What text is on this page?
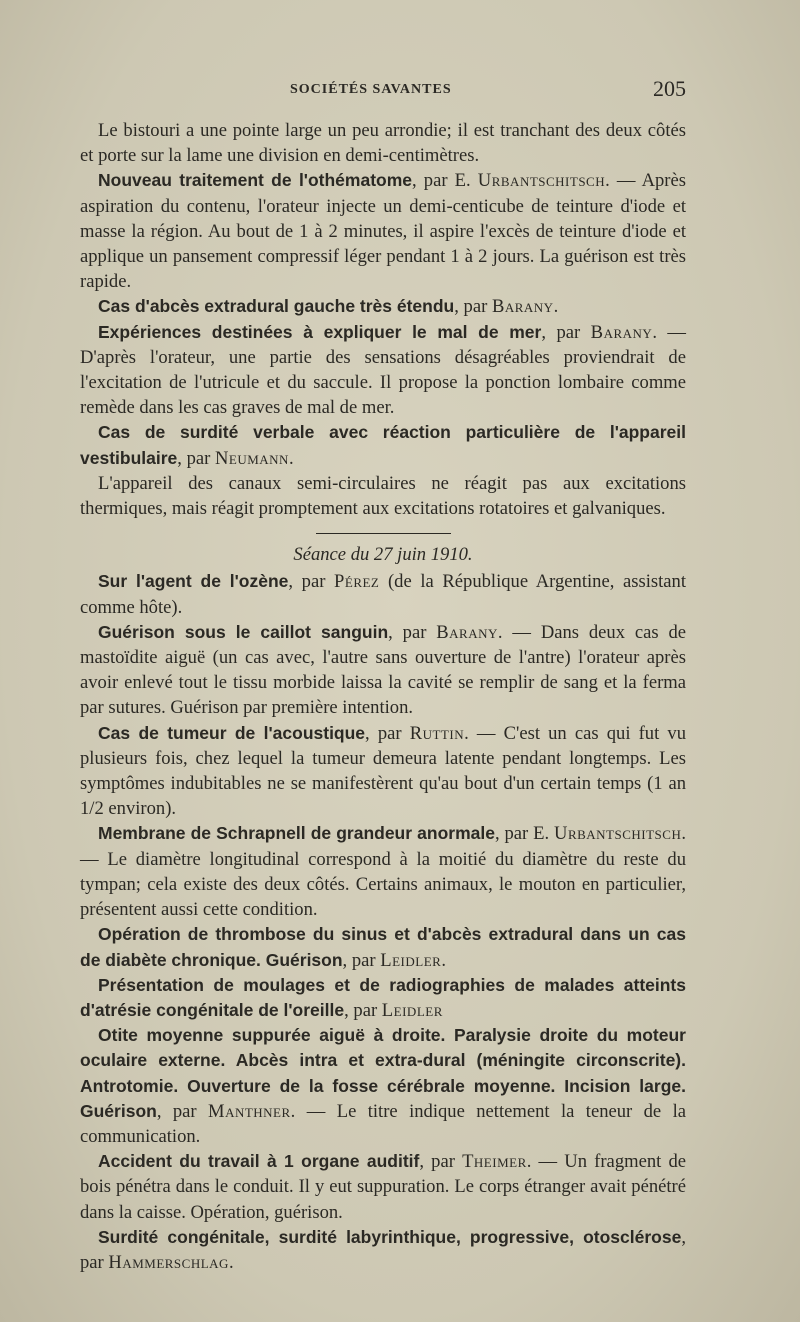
SOCIÉTÉS SAVANTES	205

Le bistouri a une pointe large un peu arrondie; il est tranchant des deux côtés et porte sur la lame une division en demi-centimètres.

Nouveau traitement de l'othématome, par E. Urbantschitsch. — Après aspiration du contenu, l'orateur injecte un demi-centicube de teinture d'iode et masse la région. Au bout de 1 à 2 minutes, il aspire l'excès de teinture d'iode et applique un pansement compressif léger pendant 1 à 2 jours. La guérison est très rapide.

Cas d'abcès extradural gauche très étendu, par Barany.

Expériences destinées à expliquer le mal de mer, par Barany. — D'après l'orateur, une partie des sensations désagréables proviendrait de l'excitation de l'utricule et du saccule. Il propose la ponction lombaire comme remède dans les cas graves de mal de mer.

Cas de surdité verbale avec réaction particulière de l'appareil vestibulaire, par Neumann.

L'appareil des canaux semi-circulaires ne réagit pas aux excitations thermiques, mais réagit promptement aux excitations rotatoires et galvaniques.

Séance du 27 juin 1910.

Sur l'agent de l'ozène, par Pérez (de la République Argentine, assistant comme hôte).

Guérison sous le caillot sanguin, par Barany. — Dans deux cas de mastoïdite aiguë (un cas avec, l'autre sans ouverture de l'antre) l'orateur après avoir enlevé tout le tissu morbide laissa la cavité se remplir de sang et la ferma par sutures. Guérison par première intention.

Cas de tumeur de l'acoustique, par Ruttin. — C'est un cas qui fut vu plusieurs fois, chez lequel la tumeur demeura latente pendant longtemps. Les symptômes indubitables ne se manifestèrent qu'au bout d'un certain temps (1 an 1/2 environ).

Membrane de Schrapnell de grandeur anormale, par E. Urbantschitsch. — Le diamètre longitudinal correspond à la moitié du diamètre du reste du tympan; cela existe des deux côtés. Certains animaux, le mouton en particulier, présentent aussi cette condition.

Opération de thrombose du sinus et d'abcès extradural dans un cas de diabète chronique. Guérison, par Leidler.

Présentation de moulages et de radiographies de malades atteints d'atrésie congénitale de l'oreille, par Leidler

Otite moyenne suppurée aiguë à droite. Paralysie droite du moteur oculaire externe. Abcès intra et extra-dural (méningite circonscrite). Antrotomie. Ouverture de la fosse cérébrale moyenne. Incision large. Guérison, par Manthner. — Le titre indique nettement la teneur de la communication.

Accident du travail à 1 organe auditif, par Theimer. — Un fragment de bois pénétra dans le conduit. Il y eut suppuration. Le corps étranger avait pénétré dans la caisse. Opération, guérison.

Surdité congénitale, surdité labyrinthique, progressive, otosclérose, par Hammerschlag.
